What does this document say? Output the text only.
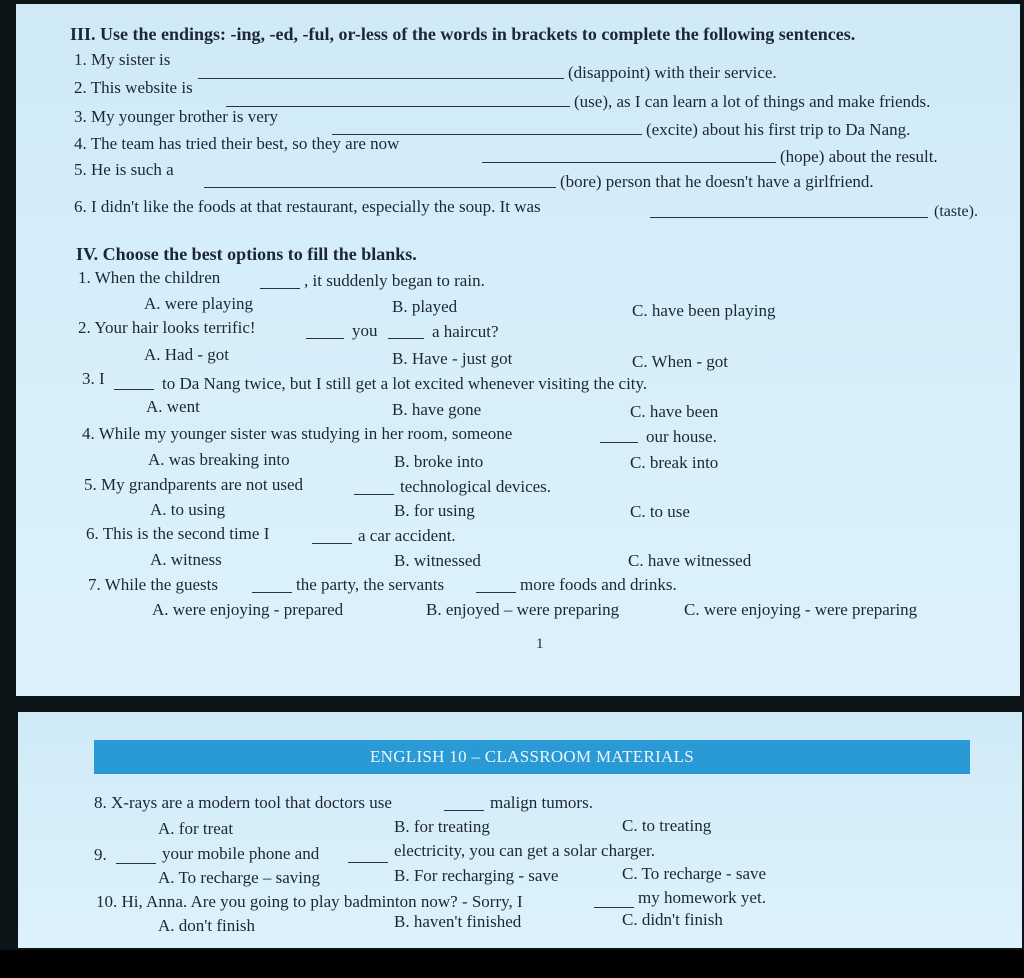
III. Use the endings: -ing, -ed, -ful, or-less of the words in brackets to complete the following sentences.
1. My sister is
(disappoint) with their service.
2. This website is
(use), as I can learn a lot of things and make friends.
3. My younger brother is very
(excite) about his first trip to Da Nang.
4. The team has tried their best, so they are now
(hope) about the result.
5. He is such a
(bore) person that he doesn't have a girlfriend.
6. I didn't like the foods at that restaurant, especially the soup. It was	(taste).
IV. Choose the best options to fill the blanks.
1. When the children	, it suddenly began to rain.
A. were playing	B. played	C. have been playing
2. Your hair looks terrific!	you	a haircut?
A. Had - got	B. Have - just got	C. When - got
3. I	to Da Nang twice, but I still get a lot excited whenever visiting the city.
A. went	B. have gone	C. have been
4. While my younger sister was studying in her room, someone	our house.
A. was breaking into	B. broke into	C. break into
5. My grandparents are not used	technological devices.
A. to using	B. for using	C. to use
6. This is the second time I	a car accident.
A. witness	B. witnessed	C. have witnessed
7. While the guests	the party, the servants	more foods and drinks.
A. were enjoying - prepared	B. enjoyed – were preparing	C. were enjoying - were preparing
1
ENGLISH 10 – CLASSROOM MATERIALS
8. X-rays are a modern tool that doctors use	malign tumors.
A. for treat	B. for treating	C. to treating
9.	your mobile phone and	electricity, you can get a solar charger.
A. To recharge – saving	B. For recharging - save	C. To recharge - save
10. Hi, Anna. Are you going to play badminton now? - Sorry, I	my homework yet.
A. don't finish	B. haven't finished	C. didn't finish
